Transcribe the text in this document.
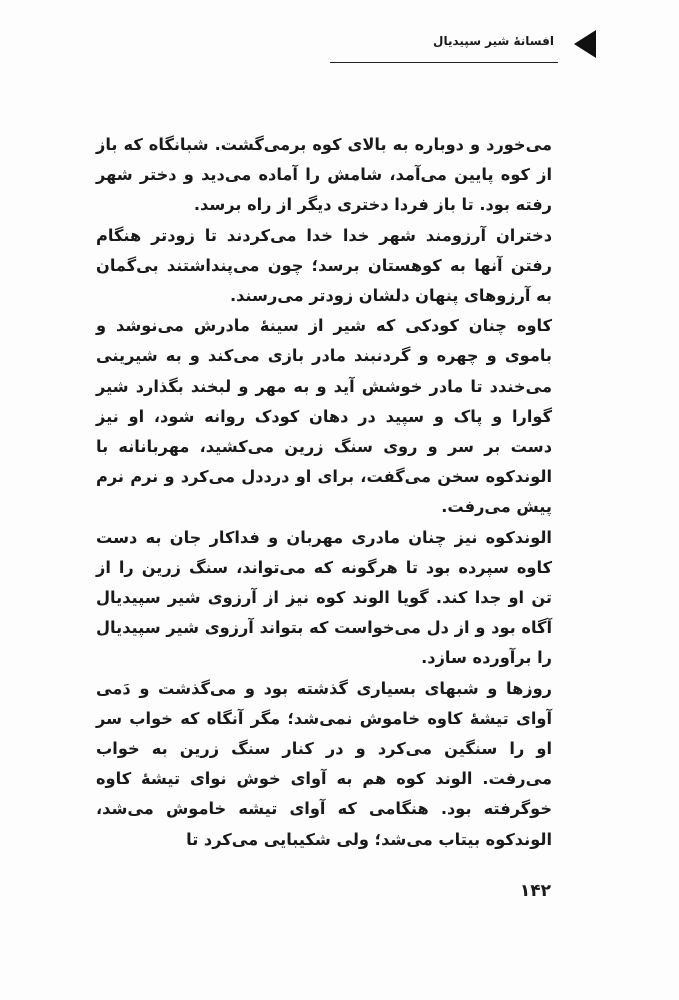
افسانهٔ شیر سپیدیال

می‌خورد و دوباره به بالای کوه برمی‌گشت. شبانگاه که باز از کوه پایین می‌آمد، شامش را آماده می‌دید و دختر شهر رفته بود. تا باز فردا دختری دیگر از راه برسد.

دختران آرزومند شهر خدا خدا می‌کردند تا زودتر هنگام رفتن آنها به کوهستان برسد؛ چون می‌پنداشتند بی‌گمان به آرزوهای پنهان دلشان زودتر می‌رسند.

کاوه چنان کودکی که شیر از سینهٔ مادرش می‌نوشد و باموی و چهره و گردنبند مادر بازی می‌کند و به شیرینی می‌خندد تا مادر خوشش آید و به مهر و لبخند بگذارد شیر گوارا و پاک و سپید در دهان کودک روانه شود، او نیز دست بر سر و روی سنگ زرین می‌کشید، مهربانانه با الوندکوه سخن می‌گفت، برای او درددل می‌کرد و نرم نرم پیش می‌رفت.

الوندکوه نیز چنان مادری مهربان و فداکار جان به دست کاوه سپرده بود تا هرگونه که می‌تواند، سنگ زرین را از تن او جدا کند. گویا الوند کوه نیز از آرزوی شیر سپیدیال آگاه بود و از دل می‌خواست که بتواند آرزوی شیر سپیدیال را برآورده سازد.

روزها و شبهای بسیاری گذشته بود و می‌گذشت و دَمی آوای تیشهٔ کاوه خاموش نمی‌شد؛ مگر آنگاه که خواب سر او را سنگین می‌کرد و در کنار سنگ زرین به خواب می‌رفت. الوند کوه هم به آوای خوش نوای تیشهٔ کاوه خوگرفته بود. هنگامی که آوای تیشه خاموش می‌شد، الوندکوه بیتاب می‌شد؛ ولی شکیبایی می‌کرد تا

۱۴۲
